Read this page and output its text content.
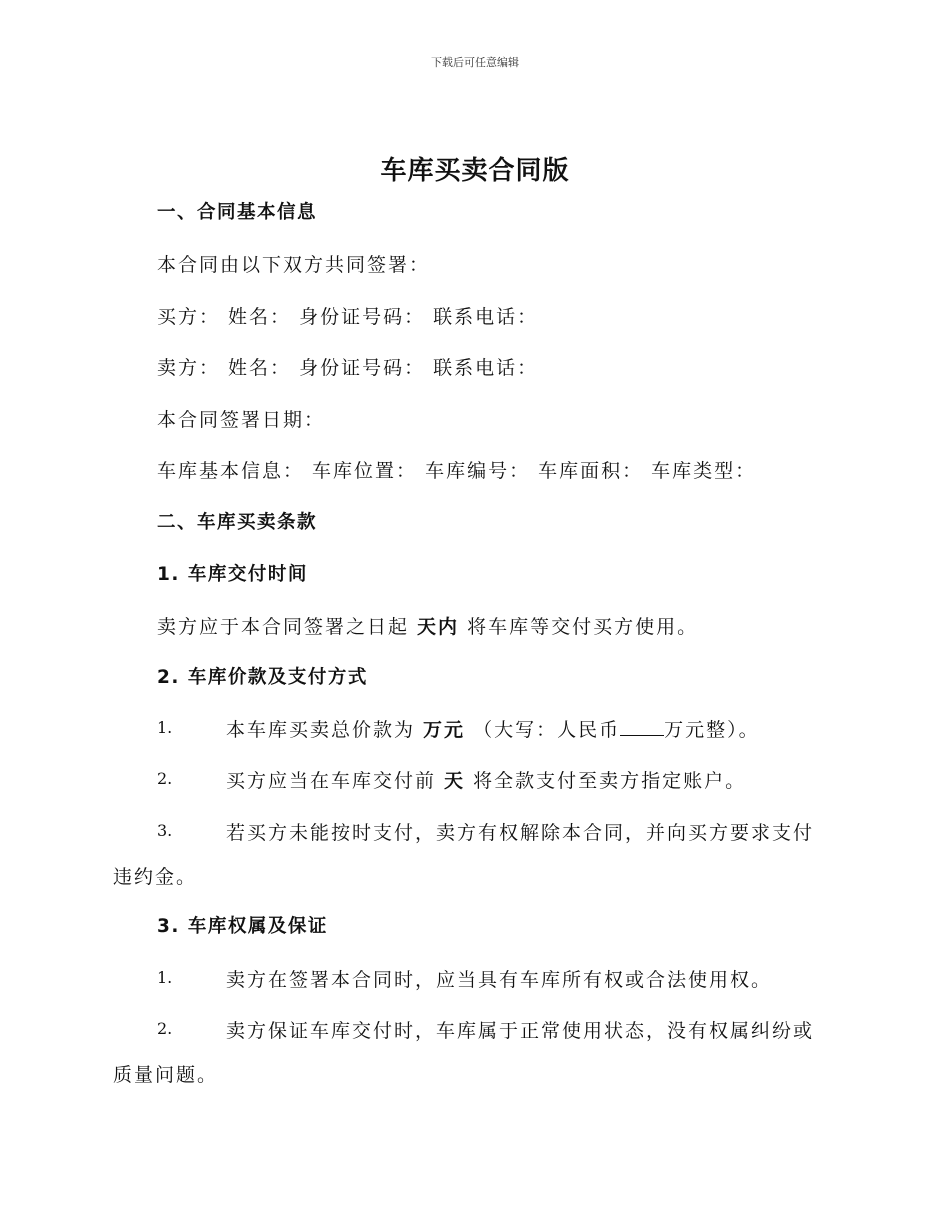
下载后可任意编辑
车库买卖合同版
一、合同基本信息
本合同由以下双方共同签署：
买方： 姓名： 身份证号码： 联系电话：
卖方： 姓名： 身份证号码： 联系电话：
本合同签署日期：
车库基本信息： 车库位置： 车库编号： 车库面积： 车库类型：
二、车库买卖条款
1. 车库交付时间
卖方应于本合同签署之日起 天内 将车库等交付买方使用。
2. 车库价款及支付方式
1.	本车库买卖总价款为 万元 （大写：人民币 万元整）。
2.	买方应当在车库交付前 天 将全款支付至卖方指定账户。
3.	若买方未能按时支付，卖方有权解除本合同，并向买方要求支付
违约金。
3. 车库权属及保证
1.	卖方在签署本合同时，应当具有车库所有权或合法使用权。
2.	卖方保证车库交付时，车库属于正常使用状态，没有权属纠纷或
质量问题。
